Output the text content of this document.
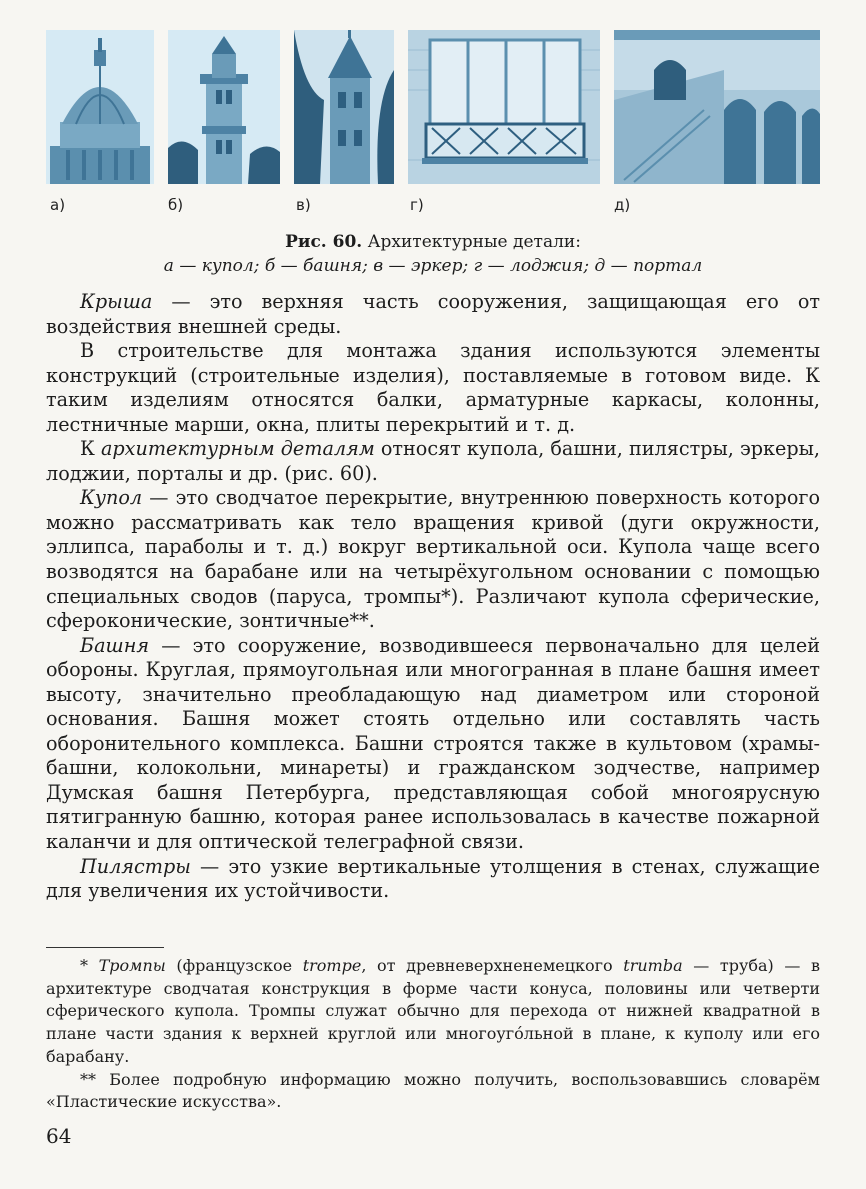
а)	б)	в)	г)	д)
Рис. 60. Архитектурные детали:
а — купол; б — башня; в — эркер; г — лоджия; д — портал

Крыша — это верхняя часть сооружения, защищающая его от воздействия внешней среды.

В строительстве для монтажа здания используются элементы конструкций (строительные изделия), поставляемые в готовом виде. К таким изделиям относятся балки, арматурные каркасы, колонны, лестничные марши, окна, плиты перекрытий и т. д.

К архитектурным деталям относят купола, башни, пилястры, эркеры, лоджии, порталы и др. (рис. 60).

Купол — это сводчатое перекрытие, внутреннюю поверхность которого можно рассматривать как тело вращения кривой (дуги окружности, эллипса, параболы и т. д.) вокруг вертикальной оси. Купола чаще всего возводятся на барабане или на четырёхугольном основании с помощью специальных сводов (паруса, тромпы*). Различают купола сферические, сфероконические, зонтичные**.

Башня — это сооружение, возводившееся первоначально для целей обороны. Круглая, прямоугольная или многогранная в плане башня имеет высоту, значительно преобладающую над диаметром или стороной основания. Башня может стоять отдельно или составлять часть оборонительного комплекса. Башни строятся также в культовом (храмы-башни, колокольни, минареты) и гражданском зодчестве, например Думская башня Петербурга, представляющая собой многоярусную пятигранную башню, которая ранее использовалась в качестве пожарной каланчи и для оптической телеграфной связи.

Пилястры — это узкие вертикальные утолщения в стенах, служащие для увеличения их устойчивости.

* Тромпы (французское trompe, от древневерхненемецкого trumba — труба) — в архитектуре сводчатая конструкция в форме части конуса, половины или четверти сферического купола. Тромпы служат обычно для перехода от нижней квадратной в плане части здания к верхней круглой или многоуго́льной в плане, к куполу или его барабану.

** Более подробную информацию можно получить, воспользовавшись словарём «Пластические искусства».

64
